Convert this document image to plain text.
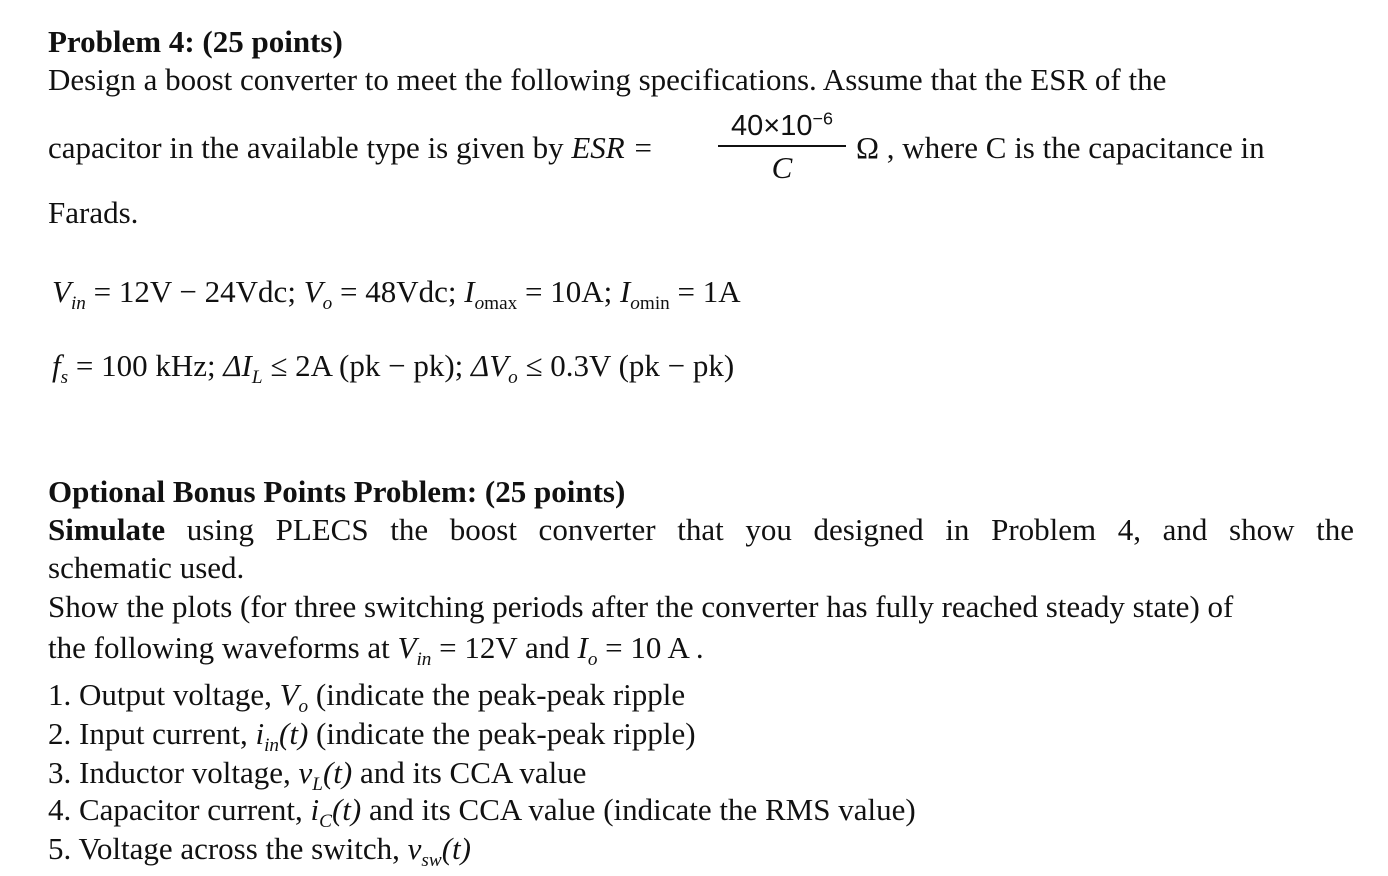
Problem 4: (25 points)
Design a boost converter to meet the following specifications. Assume that the ESR of the
capacitor in the available type is given by ESR =
$40\times 10^{-6}$
C
Ω , where C is the capacitance in
Farads.
$V_{in} = 12V - 24Vdc$; $V_o = 48Vdc$; $I_{omax} = 10A$; $I_{omin} = 1A$
$f_s = 100$ kHz; $\Delta I_L \le 2A$ (pk − pk); $\Delta V_o \le 0.3V$ (pk − pk)
Optional Bonus Points Problem: (25 points)
Simulate using PLECS the boost converter that you designed in Problem 4, and show the
schematic used.
Show the plots (for three switching periods after the converter has fully reached steady state) of
the following waveforms at $V_{in} = 12V$ and $I_o = 10$ A .
1. Output voltage, $V_o$ (indicate the peak-peak ripple
2. Input current, $i_{in}(t)$ (indicate the peak-peak ripple)
3. Inductor voltage, $v_L(t)$ and its CCA value
4. Capacitor current, $i_C(t)$ and its CCA value (indicate the RMS value)
5. Voltage across the switch, $v_{sw}(t)$
